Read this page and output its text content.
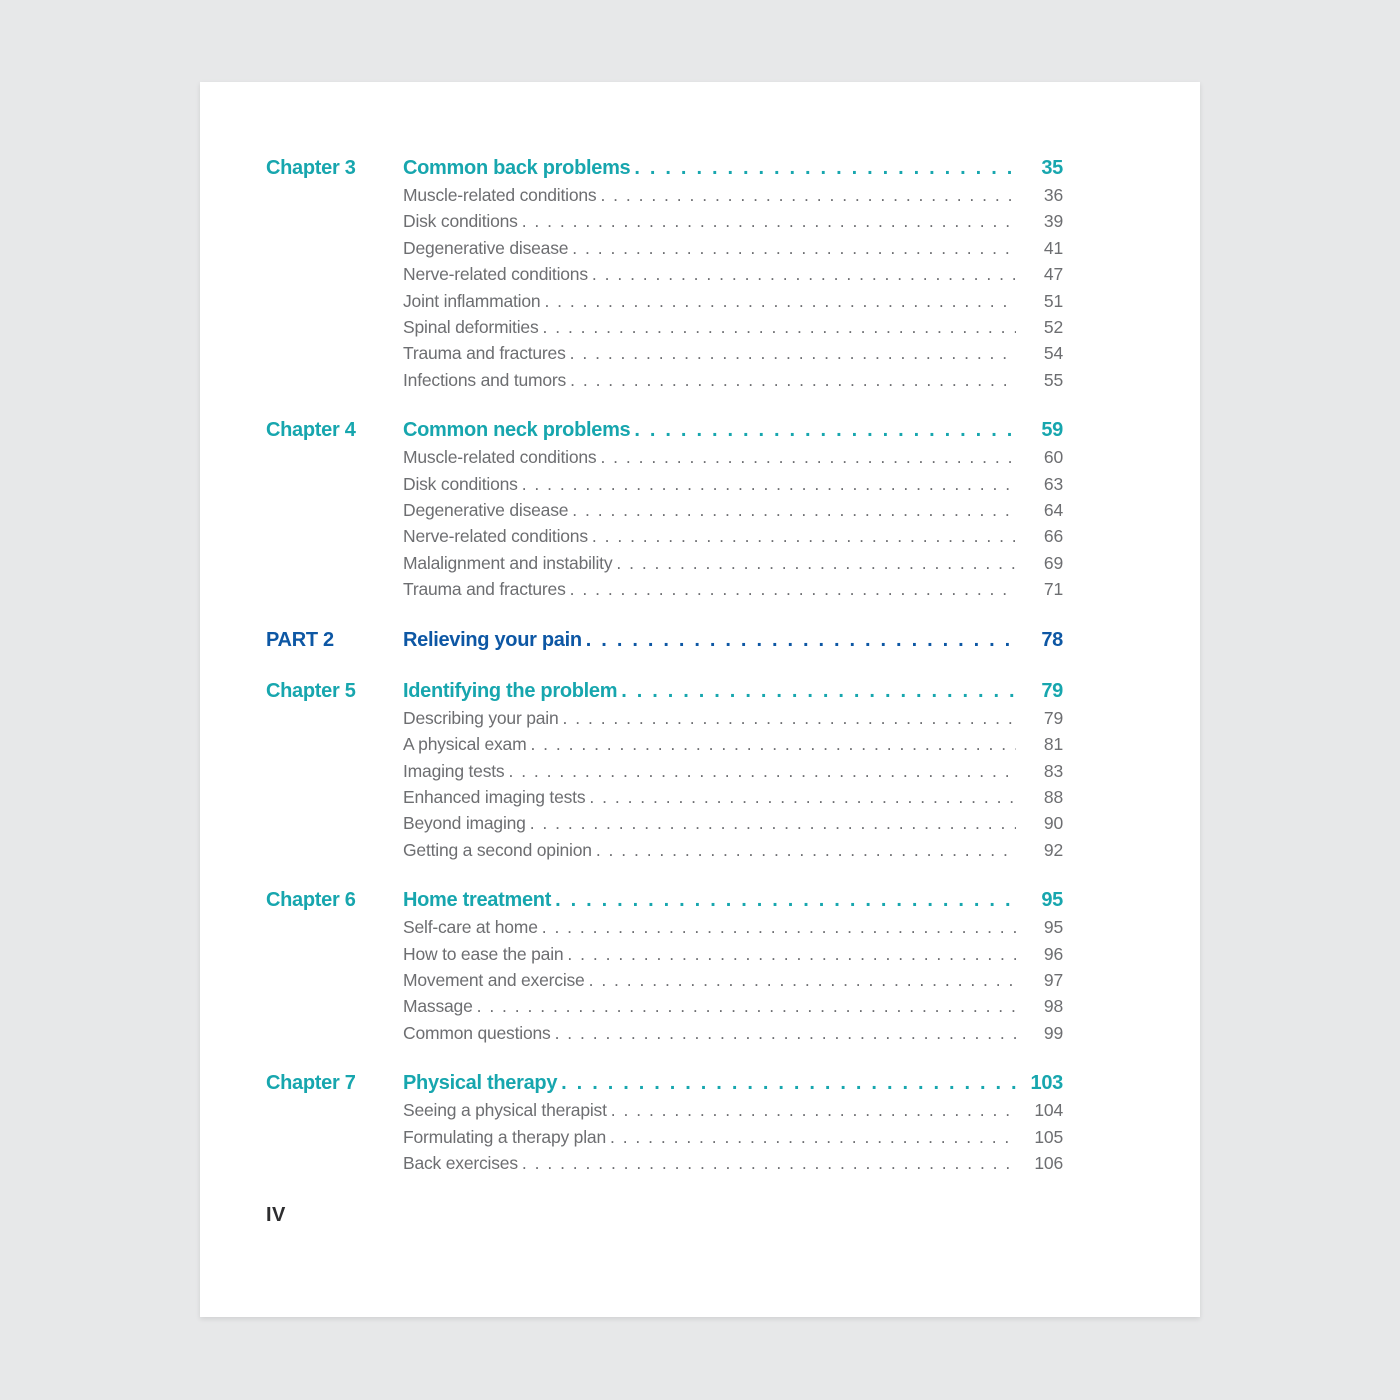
Chapter 3	Common back problems . . .	35
Muscle-related conditions . . .	36
Disk conditions . . .	39
Degenerative disease . . .	41
Nerve-related conditions . . .	47
Joint inflammation . . .	51
Spinal deformities . . .	52
Trauma and fractures . . .	54
Infections and tumors . . .	55
Chapter 4	Common neck problems . . .	59
Muscle-related conditions . . .	60
Disk conditions . . .	63
Degenerative disease . . .	64
Nerve-related conditions . . .	66
Malalignment and instability . . .	69
Trauma and fractures . . .	71
PART 2	Relieving your pain . . .	78
Chapter 5	Identifying the problem . . .	79
Describing your pain . . .	79
A physical exam . . .	81
Imaging tests . . .	83
Enhanced imaging tests . . .	88
Beyond imaging . . .	90
Getting a second opinion . . .	92
Chapter 6	Home treatment . . .	95
Self-care at home . . .	95
How to ease the pain . . .	96
Movement and exercise . . .	97
Massage . . .	98
Common questions . . .	99
Chapter 7	Physical therapy . . .	103
Seeing a physical therapist . . .	104
Formulating a therapy plan . . .	105
Back exercises . . .	106
IV
